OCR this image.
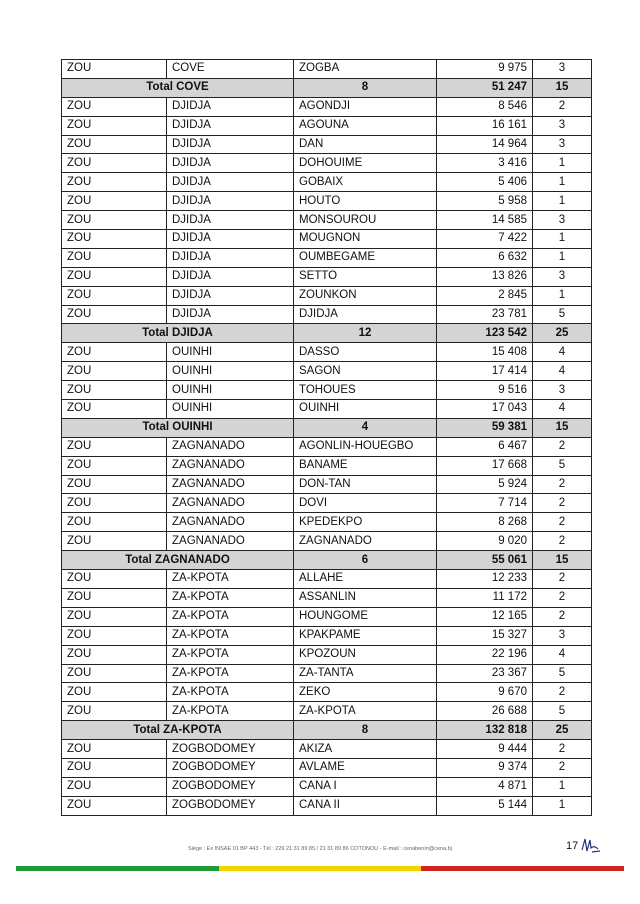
ZOU	COVE	ZOGBA	9 975	3
Total COVE		8	51 247	15
ZOU	DJIDJA	AGONDJI	8 546	2
ZOU	DJIDJA	AGOUNA	16 161	3
ZOU	DJIDJA	DAN	14 964	3
ZOU	DJIDJA	DOHOUIME	3 416	1
ZOU	DJIDJA	GOBAIX	5 406	1
ZOU	DJIDJA	HOUTO	5 958	1
ZOU	DJIDJA	MONSOUROU	14 585	3
ZOU	DJIDJA	MOUGNON	7 422	1
ZOU	DJIDJA	OUMBEGAME	6 632	1
ZOU	DJIDJA	SETTO	13 826	3
ZOU	DJIDJA	ZOUNKON	2 845	1
ZOU	DJIDJA	DJIDJA	23 781	5
Total DJIDJA		12	123 542	25
ZOU	OUINHI	DASSO	15 408	4
ZOU	OUINHI	SAGON	17 414	4
ZOU	OUINHI	TOHOUES	9 516	3
ZOU	OUINHI	OUINHI	17 043	4
Total OUINHI		4	59 381	15
ZOU	ZAGNANADO	AGONLIN-HOUEGBO	6 467	2
ZOU	ZAGNANADO	BANAME	17 668	5
ZOU	ZAGNANADO	DON-TAN	5 924	2
ZOU	ZAGNANADO	DOVI	7 714	2
ZOU	ZAGNANADO	KPEDEKPO	8 268	2
ZOU	ZAGNANADO	ZAGNANADO	9 020	2
Total ZAGNANADO		6	55 061	15
ZOU	ZA-KPOTA	ALLAHE	12 233	2
ZOU	ZA-KPOTA	ASSANLIN	11 172	2
ZOU	ZA-KPOTA	HOUNGOME	12 165	2
ZOU	ZA-KPOTA	KPAKPAME	15 327	3
ZOU	ZA-KPOTA	KPOZOUN	22 196	4
ZOU	ZA-KPOTA	ZA-TANTA	23 367	5
ZOU	ZA-KPOTA	ZEKO	9 670	2
ZOU	ZA-KPOTA	ZA-KPOTA	26 688	5
Total ZA-KPOTA		8	132 818	25
ZOU	ZOGBODOMEY	AKIZA	9 444	2
ZOU	ZOGBODOMEY	AVLAME	9 374	2
ZOU	ZOGBODOMEY	CANA I	4 871	1
ZOU	ZOGBODOMEY	CANA II	5 144	1
Siège : Ex INSAE 01 BP 443 - Tél : 229 21 31 89 85 / 21 31 89 86 COTONOU - E-mail : cenabenin@cena.bj	17
